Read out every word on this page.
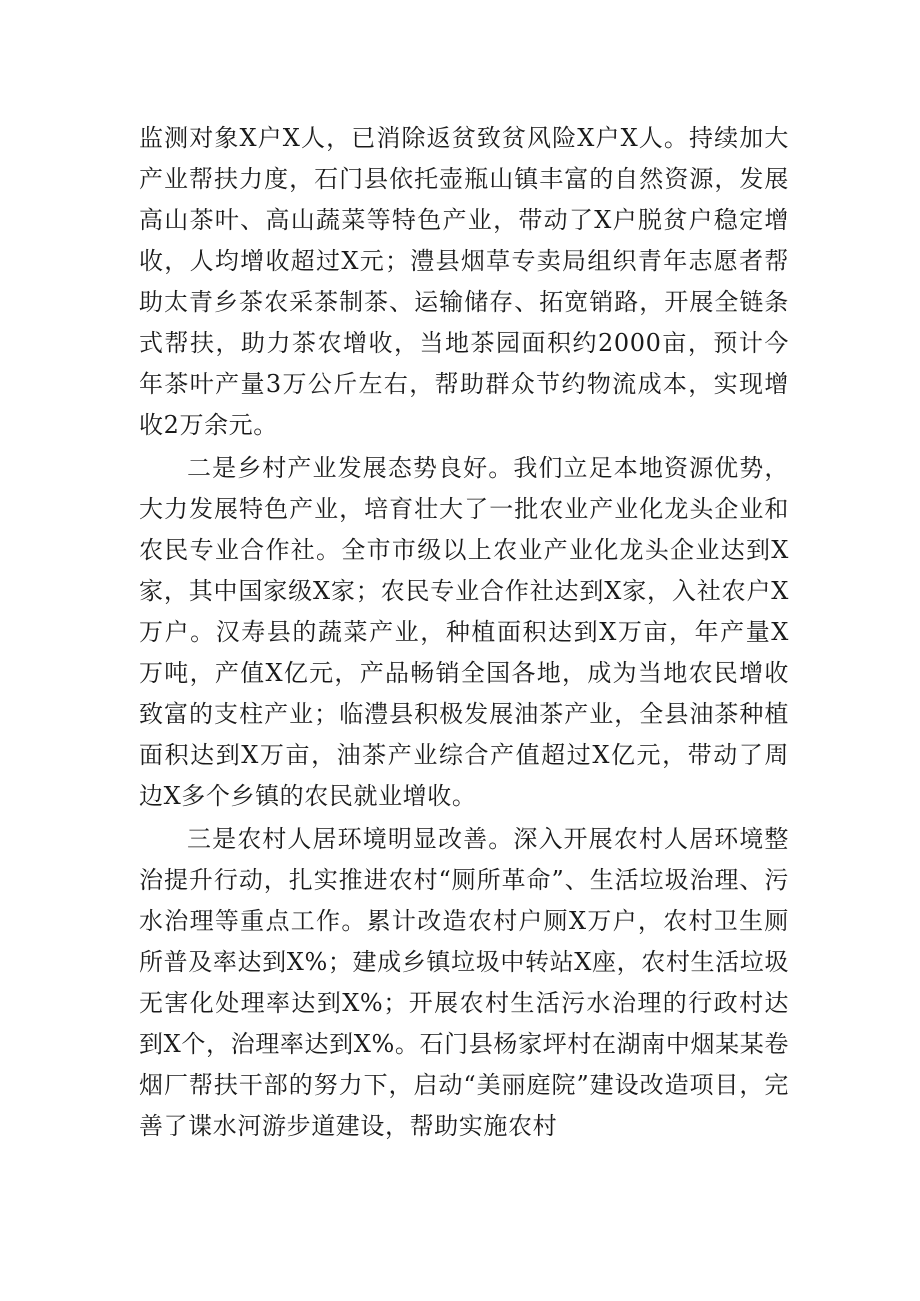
监测对象X户X人，已消除返贫致贫风险X户X人。持续加大产业帮扶力度，石门县依托壶瓶山镇丰富的自然资源，发展高山茶叶、高山蔬菜等特色产业，带动了X户脱贫户稳定增收，人均增收超过X元；澧县烟草专卖局组织青年志愿者帮助太青乡茶农采茶制茶、运输储存、拓宽销路，开展全链条式帮扶，助力茶农增收，当地茶园面积约2000亩，预计今年茶叶产量3万公斤左右，帮助群众节约物流成本，实现增收2万余元。

二是乡村产业发展态势良好。我们立足本地资源优势，大力发展特色产业，培育壮大了一批农业产业化龙头企业和农民专业合作社。全市市级以上农业产业化龙头企业达到X家，其中国家级X家；农民专业合作社达到X家，入社农户X万户。汉寿县的蔬菜产业，种植面积达到X万亩，年产量X万吨，产值X亿元，产品畅销全国各地，成为当地农民增收致富的支柱产业；临澧县积极发展油茶产业，全县油茶种植面积达到X万亩，油茶产业综合产值超过X亿元，带动了周边X多个乡镇的农民就业增收。

三是农村人居环境明显改善。深入开展农村人居环境整治提升行动，扎实推进农村“厕所革命”、生活垃圾治理、污水治理等重点工作。累计改造农村户厕X万户，农村卫生厕所普及率达到X%；建成乡镇垃圾中转站X座，农村生活垃圾无害化处理率达到X%；开展农村生活污水治理的行政村达到X个，治理率达到X%。石门县杨家坪村在湖南中烟某某卷烟厂帮扶干部的努力下，启动“美丽庭院”建设改造项目，完善了谍水河游步道建设，帮助实施农村
